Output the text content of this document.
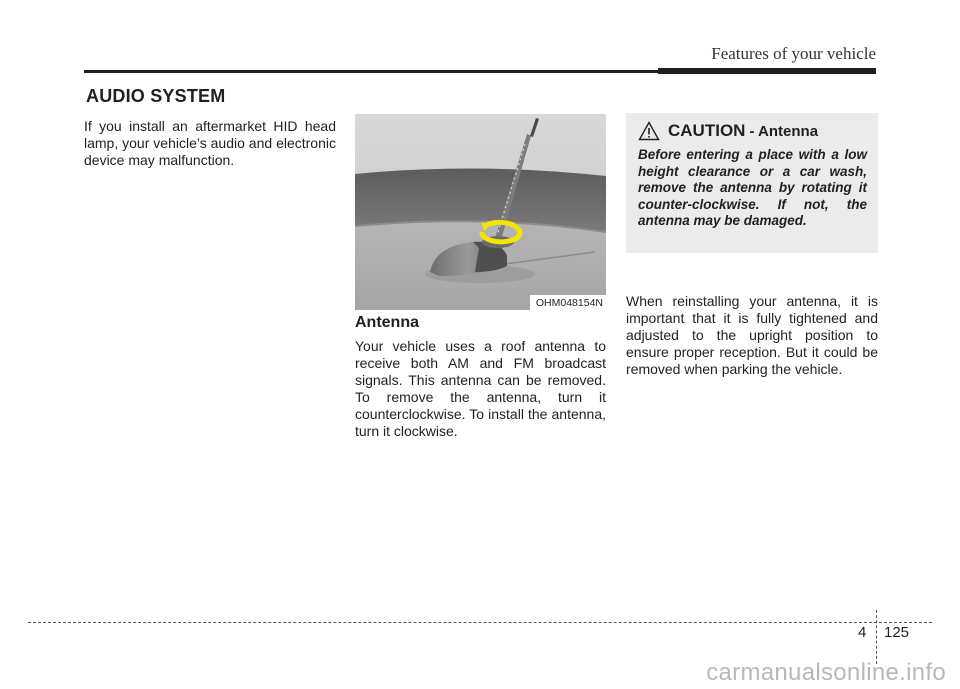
Features of your vehicle
AUDIO SYSTEM

If you install an aftermarket HID head lamp, your vehicle’s audio and electronic device may malfunction.

OHM048154N
Antenna

Your vehicle uses a roof antenna to receive both AM and FM broadcast signals. This antenna can be removed. To remove the antenna, turn it counterclockwise. To install the antenna, turn it clockwise.

CAUTION - Antenna

Before entering a place with a low height clearance or a car wash, remove the antenna by rotating it counter-clockwise. If not, the antenna may be damaged.

When reinstalling your antenna, it is important that it is fully tightened and adjusted to the upright position to ensure proper reception. But it could be removed when parking the vehicle.

4 125
carmanualsonline.info
